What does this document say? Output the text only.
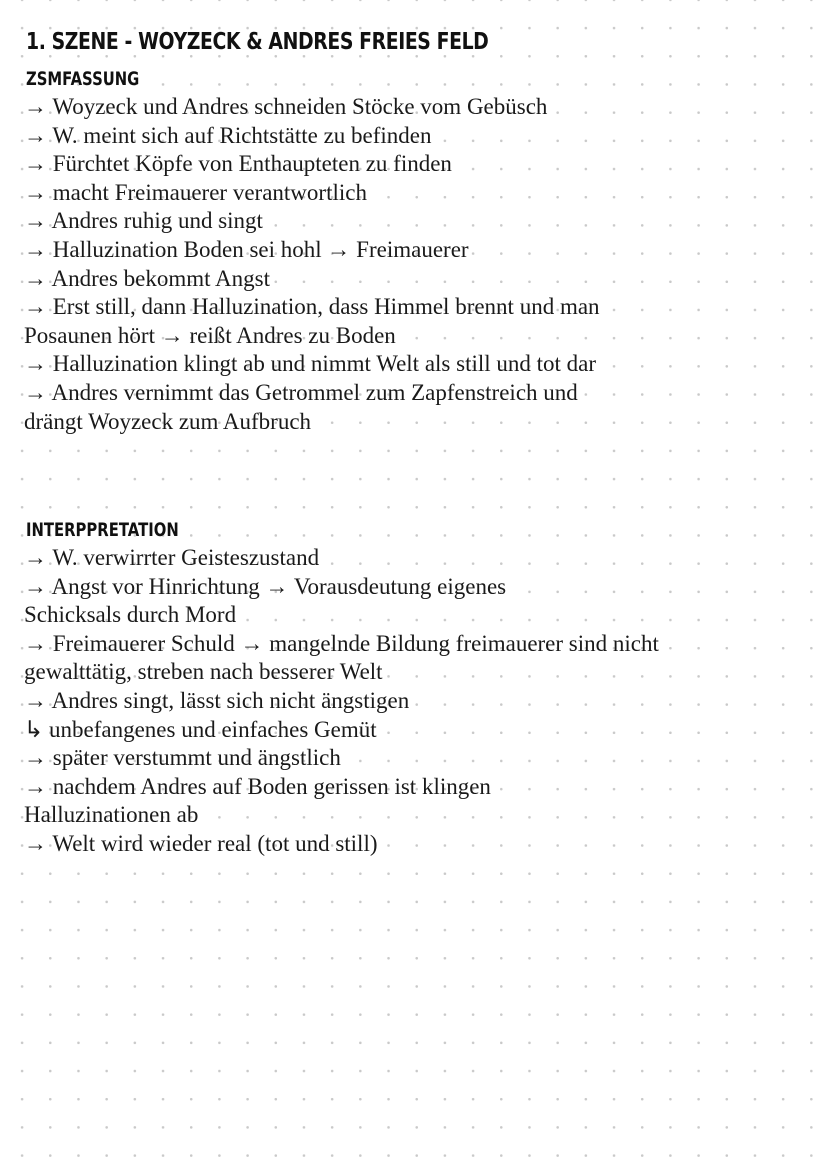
1. SZENE - WOYZECK & ANDRES FREIES FELD
ZSMFASSUNG
→ Woyzeck und Andres schneiden Stöcke vom Gebüsch
→ W. meint sich auf Richtstätte zu befinden
→ Fürchtet Köpfe von Enthaupteten zu finden
→ macht Freimauerer verantwortlich
→ Andres ruhig und singt
→ Halluzination Boden sei hohl → Freimauerer
→ Andres bekommt Angst
→ Erst still, dann Halluzination, dass Himmel brennt und man Posaunen hört → reißt Andres zu Boden
→ Halluzination klingt ab und nimmt Welt als still und tot dar
→ Andres vernimmt das Getrommel zum Zapfenstreich und drängt Woyzeck zum Aufbruch
INTERPPRETATION
→ W. verwirrter Geisteszustand
→ Angst vor Hinrichtung → Vorausdeutung eigenes Schicksals durch Mord
→ Freimauerer Schuld → mangelnde Bildung freimauerer sind nicht gewalttätig, streben nach besserer Welt
→ Andres singt, lässt sich nicht ängstigen
↳ unbefangenes und einfaches Gemüt
→ später verstummt und ängstlich
→ nachdem Andres auf Boden gerissen ist klingen Halluzinationen ab
→ Welt wird wieder real (tot und still)
